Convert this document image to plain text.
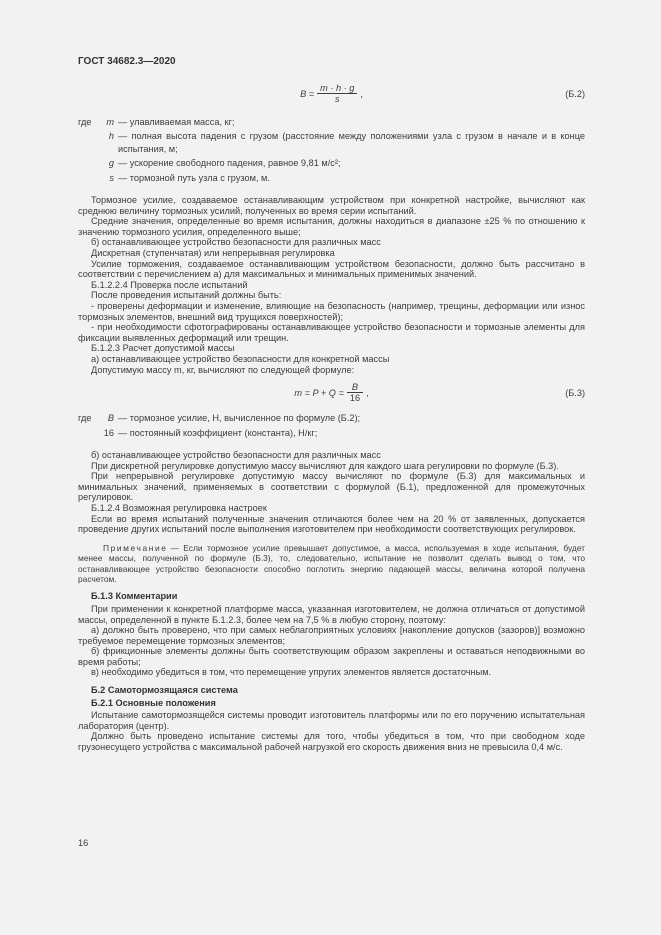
ГОСТ 34682.3—2020
$B = \frac{m \cdot h \cdot g}{s}$ ,	(Б.2)
где	m — улавливаемая масса, кг;
h — полная высота падения с грузом (расстояние между положениями узла с грузом в начале и в конце испытания, м;
g — ускорение свободного падения, равное 9,81 м/с²;
s — тормозной путь узла с грузом, м.

Тормозное усилие, создаваемое останавливающим устройством при конкретной настройке, вычисляют как среднюю величину тормозных усилий, полученных во время серии испытаний.

Средние значения, определенные во время испытания, должны находиться в диапазоне ±25 % по отношению к значению тормозного усилия, определенного выше;

б) останавливающее устройство безопасности для различных масс

Дискретная (ступенчатая) или непрерывная регулировка

Усилие торможения, создаваемое останавливающим устройством безопасности, должно быть рассчитано в соответствии с перечислением а) для максимальных и минимальных применимых значений.

Б.1.2.2.4 Проверка после испытаний

После проведения испытаний должны быть:

- проверены деформации и изменение, влияющие на безопасность (например, трещины, деформации или износ тормозных элементов, внешний вид трущихся поверхностей);

- при необходимости сфотографированы останавливающее устройство безопасности и тормозные элементы для фиксации выявленных деформаций или трещин.

Б.1.2.3 Расчет допустимой массы

а) останавливающее устройство безопасности для конкретной массы

Допустимую массу m, кг, вычисляют по следующей формуле:

$m = P + Q = \frac{B}{16}$ ,	(Б.3)
где	B — тормозное усилие, Н, вычисленное по формуле (Б.2);
16 — постоянный коэффициент (константа), Н/кг;

б) останавливающее устройство безопасности для различных масс

При дискретной регулировке допустимую массу вычисляют для каждого шага регулировки по формуле (Б.3).

При непрерывной регулировке допустимую массу вычисляют по формуле (Б.3) для максимальных и минимальных значений, применяемых в соответствии с формулой (Б.1), предложенной для промежуточных регулировок.

Б.1.2.4 Возможная регулировка настроек

Если во время испытаний полученные значения отличаются более чем на 20 % от заявленных, допускается проведение других испытаний после выполнения изготовителем при необходимости соответствующих регулировок.

Примечание — Если тормозное усилие превышает допустимое, а масса, используемая в ходе испытания, будет менее массы, полученной по формуле (Б.3), то, следовательно, испытание не позволит сделать вывод о том, что останавливающее устройство безопасности способно поглотить энергию падающей массы, величина которой получена расчетом.

Б.1.3 Комментарии

При применении к конкретной платформе масса, указанная изготовителем, не должна отличаться от допустимой массы, определенной в пункте Б.1.2.3, более чем на 7,5 % в любую сторону, поэтому:

а) должно быть проверено, что при самых неблагоприятных условиях [накопление допусков (зазоров)] возможно требуемое перемещение тормозных элементов;

б) фрикционные элементы должны быть соответствующим образом закреплены и оставаться неподвижными во время работы;

в) необходимо убедиться в том, что перемещение упругих элементов является достаточным.

Б.2 Самотормозящаяся система

Б.2.1 Основные положения

Испытание самотормозящейся системы проводит изготовитель платформы или по его поручению испытательная лаборатория (центр).

Должно быть проведено испытание системы для того, чтобы убедиться в том, что при свободном ходе грузонесущего устройства с максимальной рабочей нагрузкой его скорость движения вниз не превысила 0,4 м/с.

16
